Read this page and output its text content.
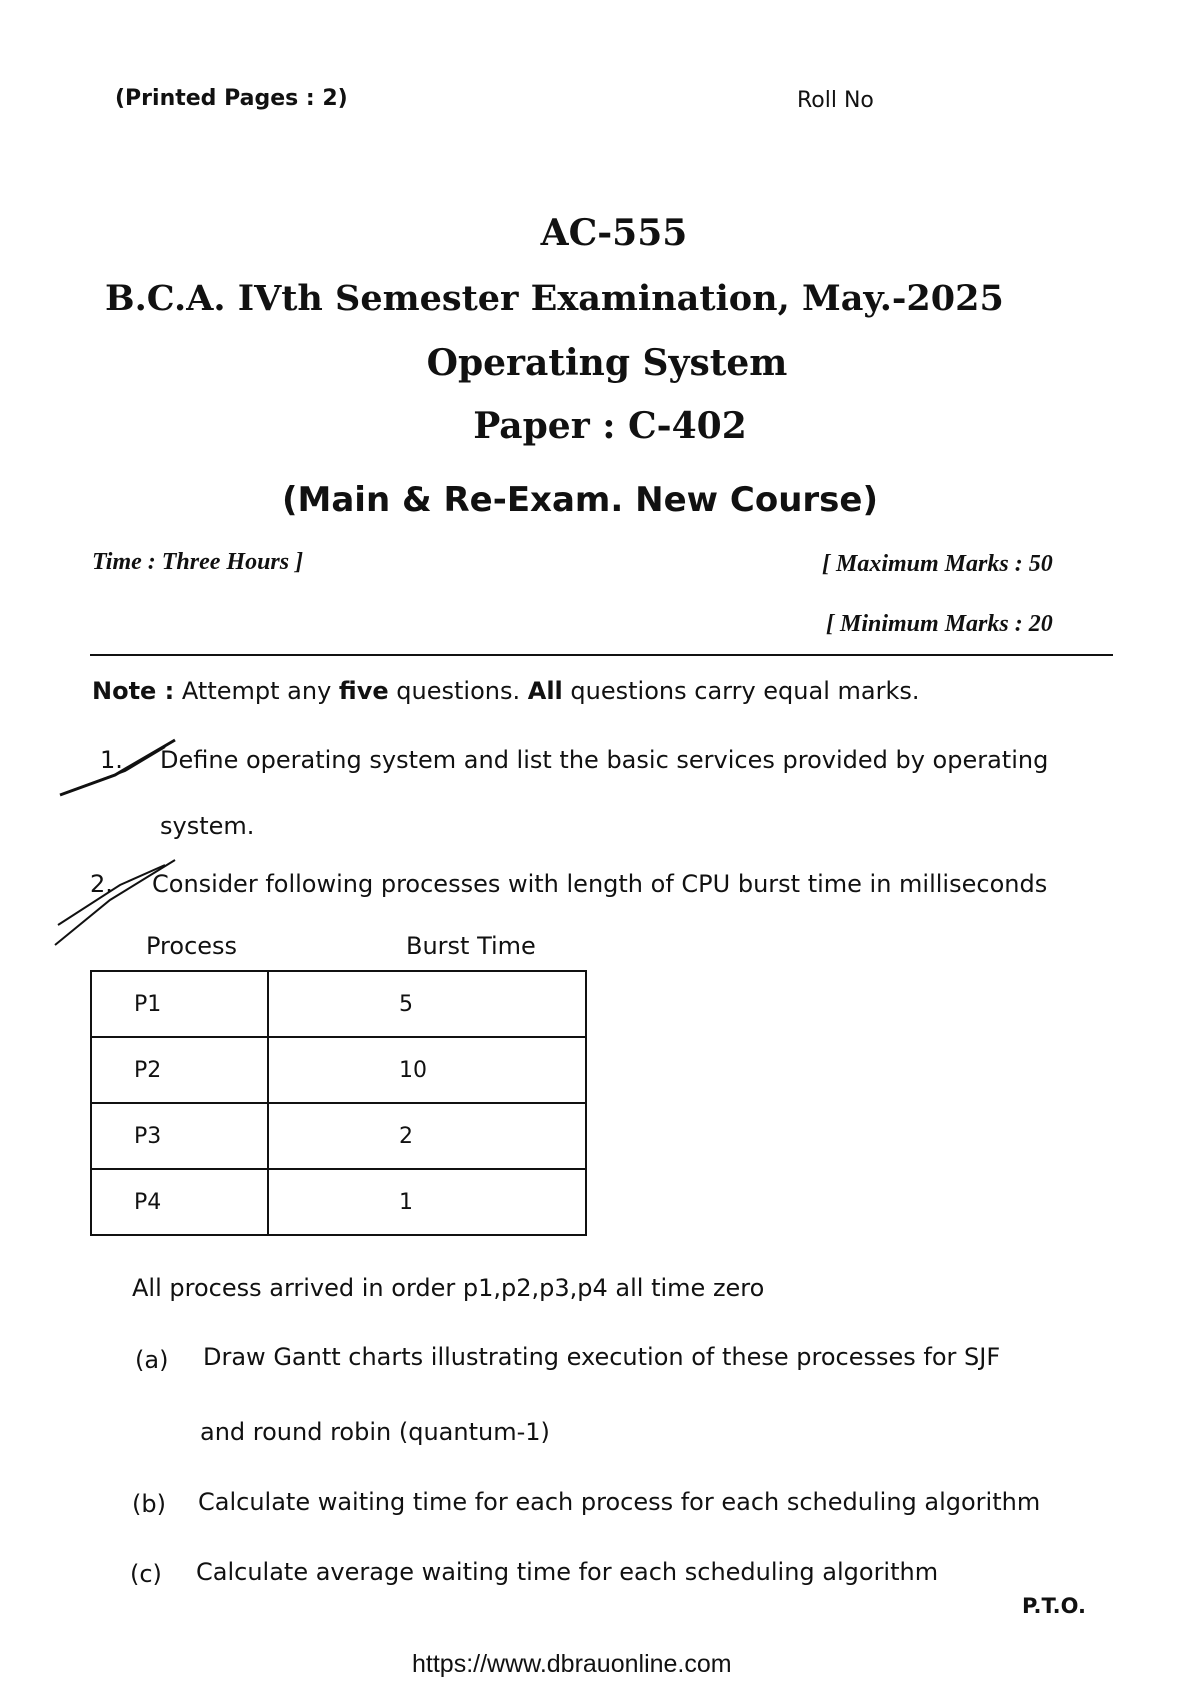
(Printed Pages : 2)	Roll No
AC-555
B.C.A. IVth Semester Examination, May.-2025
Operating System
Paper : C-402
(Main & Re-Exam. New Course)
Time : Three Hours ]	[ Maximum Marks : 50
[ Minimum Marks : 20
Note : Attempt any five questions. All questions carry equal marks.
1. Define operating system and list the basic services provided by operating
system.
2. Consider following processes with length of CPU burst time in milliseconds
Process	Burst Time
P1	5
P2	10
P3	2
P4	1
All process arrived in order p1,p2,p3,p4 all time zero
(a) Draw Gantt charts illustrating execution of these processes for SJF
and round robin (quantum-1)
(b) Calculate waiting time for each process for each scheduling algorithm
(c) Calculate average waiting time for each scheduling algorithm
P.T.O.
https://www.dbrauonline.com
